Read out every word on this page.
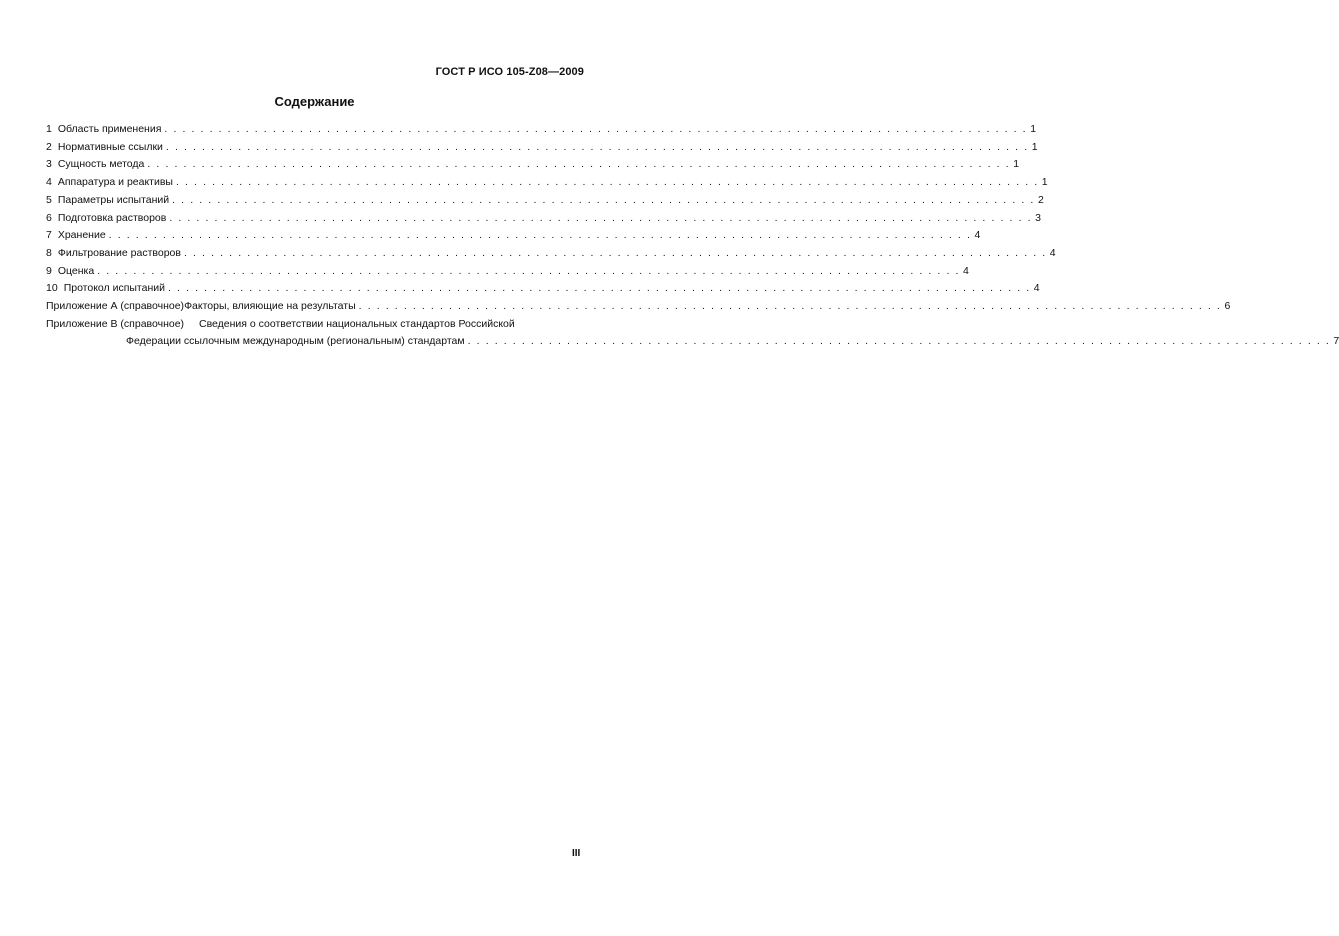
ГОСТ Р ИСО 105-Z08—2009
Содержание
1 Область применения . . . . . . . . . . . . . . . . . . . . . . . . . . . . . . . . . . . . . . . . . . . . . . . . . . . . . . . . . . . . . . . . . . . . . . . . . . . . . . . . . . . . . . . . . . . . . . . . 1
2 Нормативные ссылки . . . . . . . . . . . . . . . . . . . . . . . . . . . . . . . . . . . . . . . . . . . . . . . . . . . . . . . . . . . . . . . . . . . . . . . . . . . . . . . . . . . . . . . . . . . . . . . . 1
3 Сущность метода . . . . . . . . . . . . . . . . . . . . . . . . . . . . . . . . . . . . . . . . . . . . . . . . . . . . . . . . . . . . . . . . . . . . . . . . . . . . . . . . . . . . . . . . . . . . . . . . 1
4 Аппаратура и реактивы . . . . . . . . . . . . . . . . . . . . . . . . . . . . . . . . . . . . . . . . . . . . . . . . . . . . . . . . . . . . . . . . . . . . . . . . . . . . . . . . . . . . . . . . . . . . . . . . 1
5 Параметры испытаний . . . . . . . . . . . . . . . . . . . . . . . . . . . . . . . . . . . . . . . . . . . . . . . . . . . . . . . . . . . . . . . . . . . . . . . . . . . . . . . . . . . . . . . . . . . . . . . . 2
6 Подготовка растворов . . . . . . . . . . . . . . . . . . . . . . . . . . . . . . . . . . . . . . . . . . . . . . . . . . . . . . . . . . . . . . . . . . . . . . . . . . . . . . . . . . . . . . . . . . . . . . . . 3
7 Хранение . . . . . . . . . . . . . . . . . . . . . . . . . . . . . . . . . . . . . . . . . . . . . . . . . . . . . . . . . . . . . . . . . . . . . . . . . . . . . . . . . . . . . . . . . . . . . . . . 4
8 Фильтрование растворов . . . . . . . . . . . . . . . . . . . . . . . . . . . . . . . . . . . . . . . . . . . . . . . . . . . . . . . . . . . . . . . . . . . . . . . . . . . . . . . . . . . . . . . . . . . . . . . . 4
9 Оценка . . . . . . . . . . . . . . . . . . . . . . . . . . . . . . . . . . . . . . . . . . . . . . . . . . . . . . . . . . . . . . . . . . . . . . . . . . . . . . . . . . . . . . . . . . . . . . . . 4
10 Протокол испытаний . . . . . . . . . . . . . . . . . . . . . . . . . . . . . . . . . . . . . . . . . . . . . . . . . . . . . . . . . . . . . . . . . . . . . . . . . . . . . . . . . . . . . . . . . . . . . . . . 4
Приложение А (справочное) Факторы, влияющие на результаты . . . . . . . . . . . . . . . . . . . . . . . . . . . . . . . . . . . . . . . . . . . . . . . . . . . . . . . . . . . . . . . . . . . . . . . . . . . . . . . . . . . . . . . . . . . . . . . . 6
Приложение В (справочное)	Сведения о соответствии национальных стандартов Российской
Федерации ссылочным международным (региональным) стандартам . . . . . . . . . . . . . . . . . . . . . . . . . . . . . . . . . . . . . . . . . . . . . . . . . . . . . . . . . . . . . . . . . . . . . . . . . . . . . . . . . . . . . . . . . . . . . . . . 7
III
